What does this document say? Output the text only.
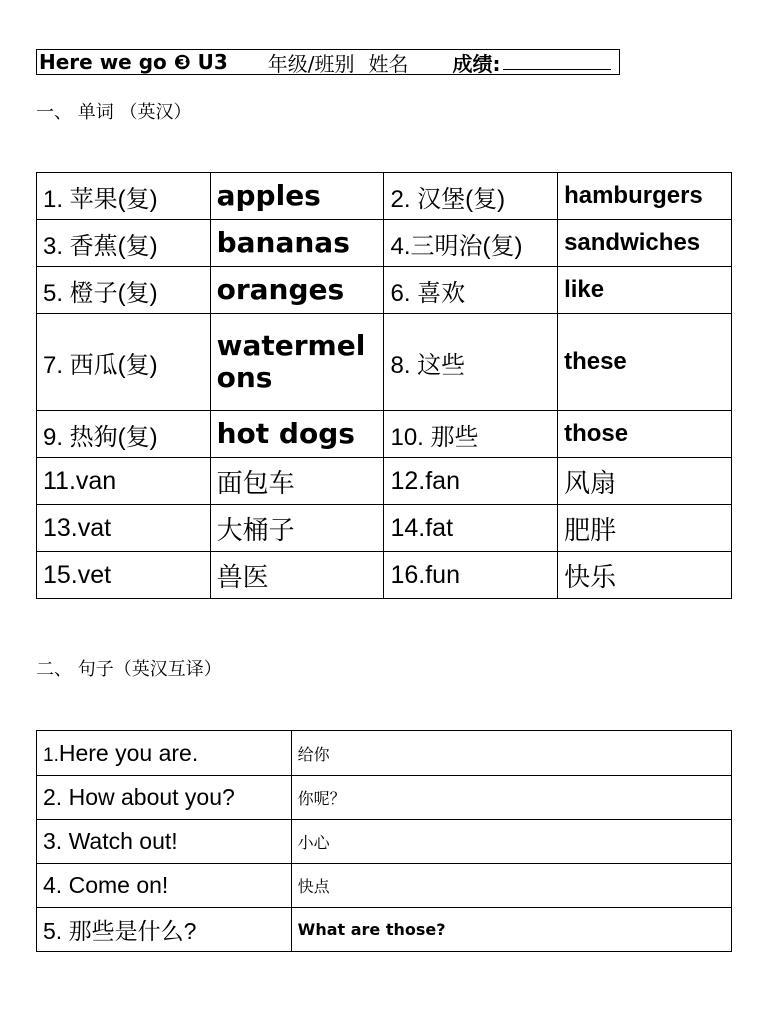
Here we go ❸ U3 年级/班别 姓名 成绩:
一、 单词 （英汉）
1. 苹果(复)	apples	2. 汉堡(复)	hamburgers
3. 香蕉(复)	bananas	4.三明治(复)	sandwiches
5. 橙子(复)	oranges	6. 喜欢	like
7. 西瓜(复)	watermelons	8. 这些	these
9. 热狗(复)	hot dogs	10. 那些	those
11.van	面包车	12.fan	风扇
13.vat	大桶子	14.fat	肥胖
15.vet	兽医	16.fun	快乐
二、 句子（英汉互译）
1.Here you are.	给你
2. How about you?	你呢？
3. Watch out!	小心
4. Come on!	快点
5. 那些是什么?	What are those?
